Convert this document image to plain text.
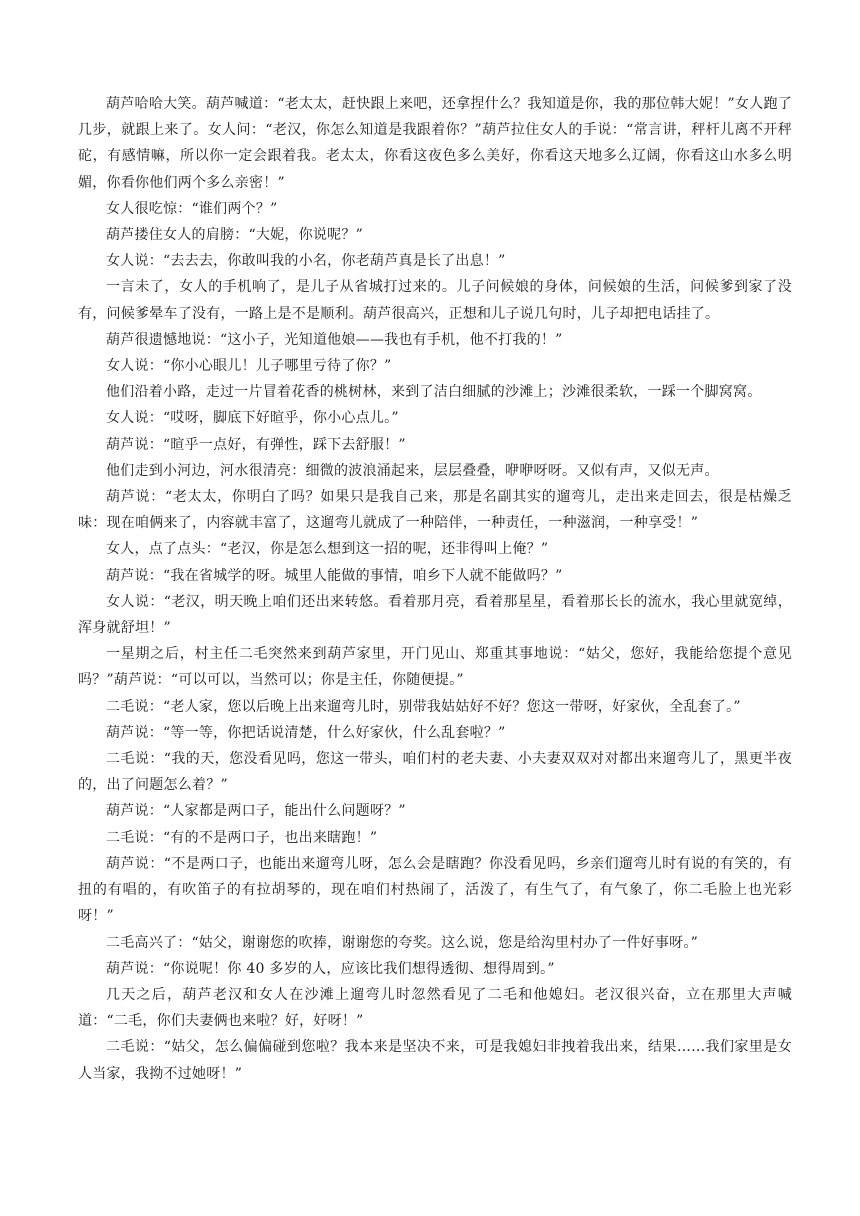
葫芦哈哈大笑。葫芦喊道：“老太太，赶快跟上来吧，还拿捏什么？我知道是你，我的那位韩大妮！”女人跑了几步，就跟上来了。女人问：“老汉，你怎么知道是我跟着你？”葫芦拉住女人的手说：“常言讲，秤杆儿离不开秤砣，有感情嘛，所以你一定会跟着我。老太太，你看这夜色多么美好，你看这天地多么辽阔，你看这山水多么明媚，你看你他们两个多么亲密！”

女人很吃惊：“谁们两个？”

葫芦搂住女人的肩膀：“大妮，你说呢？”

女人说：“去去去，你敢叫我的小名，你老葫芦真是长了出息！”

一言未了，女人的手机响了，是儿子从省城打过来的。儿子问候娘的身体，问候娘的生活，问候爹到家了没有，问候爹晕车了没有，一路上是不是顺利。葫芦很高兴，正想和儿子说几句时，儿子却把电话挂了。

葫芦很遗憾地说：“这小子，光知道他娘——我也有手机，他不打我的！”

女人说：“你小心眼儿！儿子哪里亏待了你？”

他们沿着小路，走过一片冒着花香的桃树林，来到了洁白细腻的沙滩上；沙滩很柔软，一踩一个脚窝窝。

女人说：“哎呀，脚底下好暄乎，你小心点儿。”

葫芦说：“暄乎一点好，有弹性，踩下去舒服！”

他们走到小河边，河水很清亮：细微的波浪涌起来，层层叠叠，咿咿呀呀。又似有声，又似无声。

葫芦说：“老太太，你明白了吗？如果只是我自己来，那是名副其实的遛弯儿，走出来走回去，很是枯燥乏味：现在咱俩来了，内容就丰富了，这遛弯儿就成了一种陪伴，一种责任，一种滋润，一种享受！”

女人，点了点头：“老汉，你是怎么想到这一招的呢，还非得叫上俺？”

葫芦说：“我在省城学的呀。城里人能做的事情，咱乡下人就不能做吗？”

女人说：“老汉，明天晚上咱们还出来转悠。看着那月亮，看着那星星，看着那长长的流水，我心里就宽绰，浑身就舒坦！”

一星期之后，村主任二毛突然来到葫芦家里，开门见山、郑重其事地说：“姑父，您好，我能给您提个意见吗？”葫芦说：“可以可以，当然可以；你是主任，你随便提。”

二毛说：“老人家，您以后晚上出来遛弯儿时，别带我姑姑好不好？您这一带呀，好家伙，全乱套了。”

葫芦说：“等一等，你把话说清楚，什么好家伙，什么乱套啦？”

二毛说：“我的天，您没看见吗，您这一带头，咱们村的老夫妻、小夫妻双双对对都出来遛弯儿了，黑更半夜的，出了问题怎么着？”

葫芦说：“人家都是两口子，能出什么问题呀？”

二毛说：“有的不是两口子，也出来瞎跑！”

葫芦说：“不是两口子，也能出来遛弯儿呀，怎么会是瞎跑？你没看见吗，乡亲们遛弯儿时有说的有笑的，有扭的有唱的，有吹笛子的有拉胡琴的，现在咱们村热闹了，活泼了，有生气了，有气象了，你二毛脸上也光彩呀！”

二毛高兴了：“姑父，谢谢您的吹捧，谢谢您的夸奖。这么说，您是给沟里村办了一件好事呀。”

葫芦说：“你说呢！你 40 多岁的人，应该比我们想得透彻、想得周到。”

几天之后，葫芦老汉和女人在沙滩上遛弯儿时忽然看见了二毛和他媳妇。老汉很兴奋，立在那里大声喊道：“二毛，你们夫妻俩也来啦？好，好呀！”

二毛说：“姑父，怎么偏偏碰到您啦？我本来是坚决不来，可是我媳妇非拽着我出来，结果……我们家里是女人当家，我拗不过她呀！”
